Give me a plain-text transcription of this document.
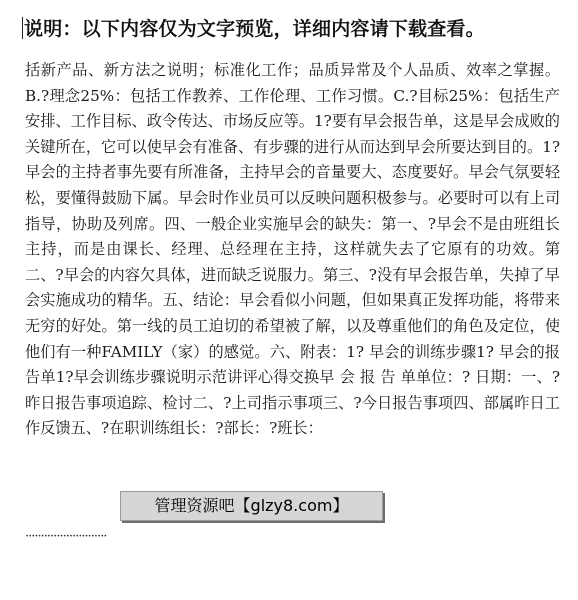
说明：以下内容仅为文字预览，详细内容请下载查看。
括新产品、新方法之说明；标准化工作；品质异常及个人品质、效率之掌握。B.?理念25%：包括工作教养、工作伦理、工作习惯。C.?目标25%：包括生产安排、工作目标、政令传达、市场反应等。1?要有早会报告单，这是早会成败的关键所在，它可以使早会有准备、有步骤的进行从而达到早会所要达到目的。1?早会的主持者事先要有所准备，主持早会的音量要大、态度要好。早会气氛要轻松，要懂得鼓励下属。早会时作业员可以反映问题积极参与。必要时可以有上司指导，协助及列席。四、一般企业实施早会的缺失：第一、?早会不是由班组长主持，而是由课长、经理、总经理在主持，这样就失去了它原有的功效。第二、?早会的内容欠具体，进而缺乏说服力。第三、?没有早会报告单，失掉了早会实施成功的精华。五、结论：早会看似小问题，但如果真正发挥功能，将带来无穷的好处。第一线的员工迫切的希望被了解，以及尊重他们的角色及定位，使他们有一种FAMILY（家）的感觉。六、附表：1? 早会的训练步骤1? 早会的报告单1?早会训练步骤说明示范讲评心得交换早 会 报 告 单单位：? 日期：一、?昨日报告事项追踪、检讨二、?上司指示事项三、?今日报告事项四、部属昨日工作反馈五、?在职训练组长：?部长：?班长：
管理资源吧【glzy8.com】
··························
